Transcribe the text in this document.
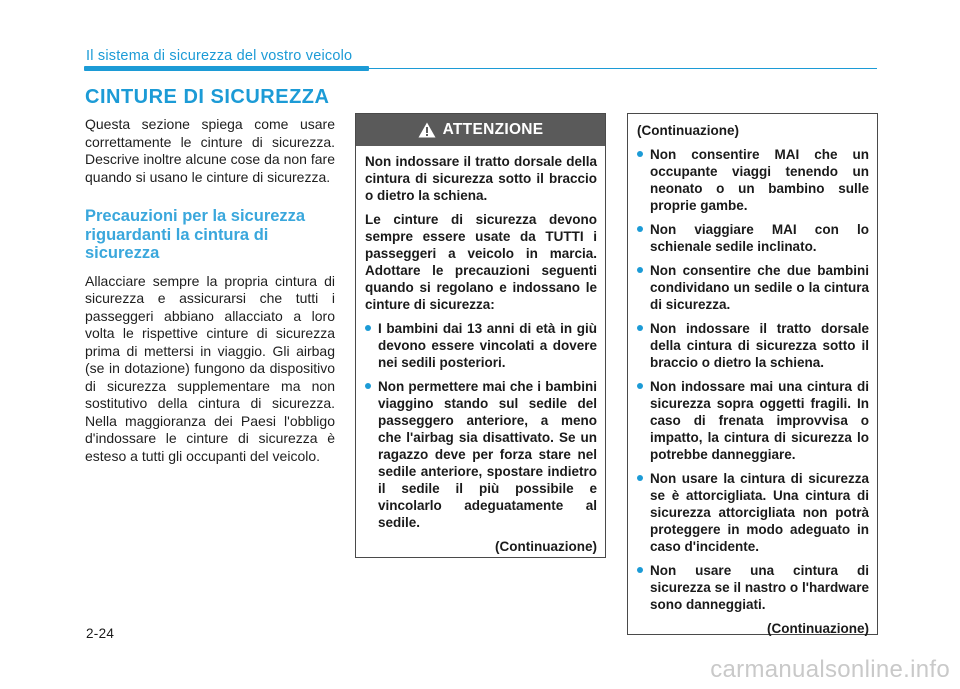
Il sistema di sicurezza del vostro veicolo
CINTURE DI SICUREZZA

Questa sezione spiega come usare correttamente le cinture di sicurezza. Descrive inoltre alcune cose da non fare quando si usano le cinture di sicurezza.

Precauzioni per la sicurezza riguardanti la cintura di sicurezza

Allacciare sempre la propria cintura di sicurezza e assicurarsi che tutti i passeggeri abbiano allacciato a loro volta le rispettive cinture di sicurezza prima di mettersi in viaggio. Gli airbag (se in dotazione) fungono da dispositivo di sicurezza supplementare ma non sostitutivo della cintura di sicurezza. Nella maggioranza dei Paesi l'obbligo d'indossare le cinture di sicurezza è esteso a tutti gli occupanti del veicolo.

ATTENZIONE

Non indossare il tratto dorsale della cintura di sicurezza sotto il braccio o dietro la schiena.

Le cinture di sicurezza devono sempre essere usate da TUTTI i passeggeri a veicolo in marcia. Adottare le precauzioni seguenti quando si regolano e indossano le cinture di sicurezza:

I bambini dai 13 anni di età in giù devono essere vincolati a dovere nei sedili posteriori.
Non permettere mai che i bambini viaggino stando sul sedile del passeggero anteriore, a meno che l'airbag sia disattivato. Se un ragazzo deve per forza stare nel sedile anteriore, spostare indietro il sedile il più possibile e vincolarlo adeguatamente al sedile.

(Continuazione)

(Continuazione)

Non consentire MAI che un occupante viaggi tenendo un neonato o un bambino sulle proprie gambe.
Non viaggiare MAI con lo schienale sedile inclinato.
Non consentire che due bambini condividano un sedile o la cintura di sicurezza.
Non indossare il tratto dorsale della cintura di sicurezza sotto il braccio o dietro la schiena.
Non indossare mai una cintura di sicurezza sopra oggetti fragili. In caso di frenata improvvisa o impatto, la cintura di sicurezza lo potrebbe danneggiare.
Non usare la cintura di sicurezza se è attorcigliata. Una cintura di sicurezza attorcigliata non potrà proteggere in modo adeguato in caso d'incidente.
Non usare una cintura di sicurezza se il nastro o l'hardware sono danneggiati.

(Continuazione)

2-24
carmanualsonline.info
